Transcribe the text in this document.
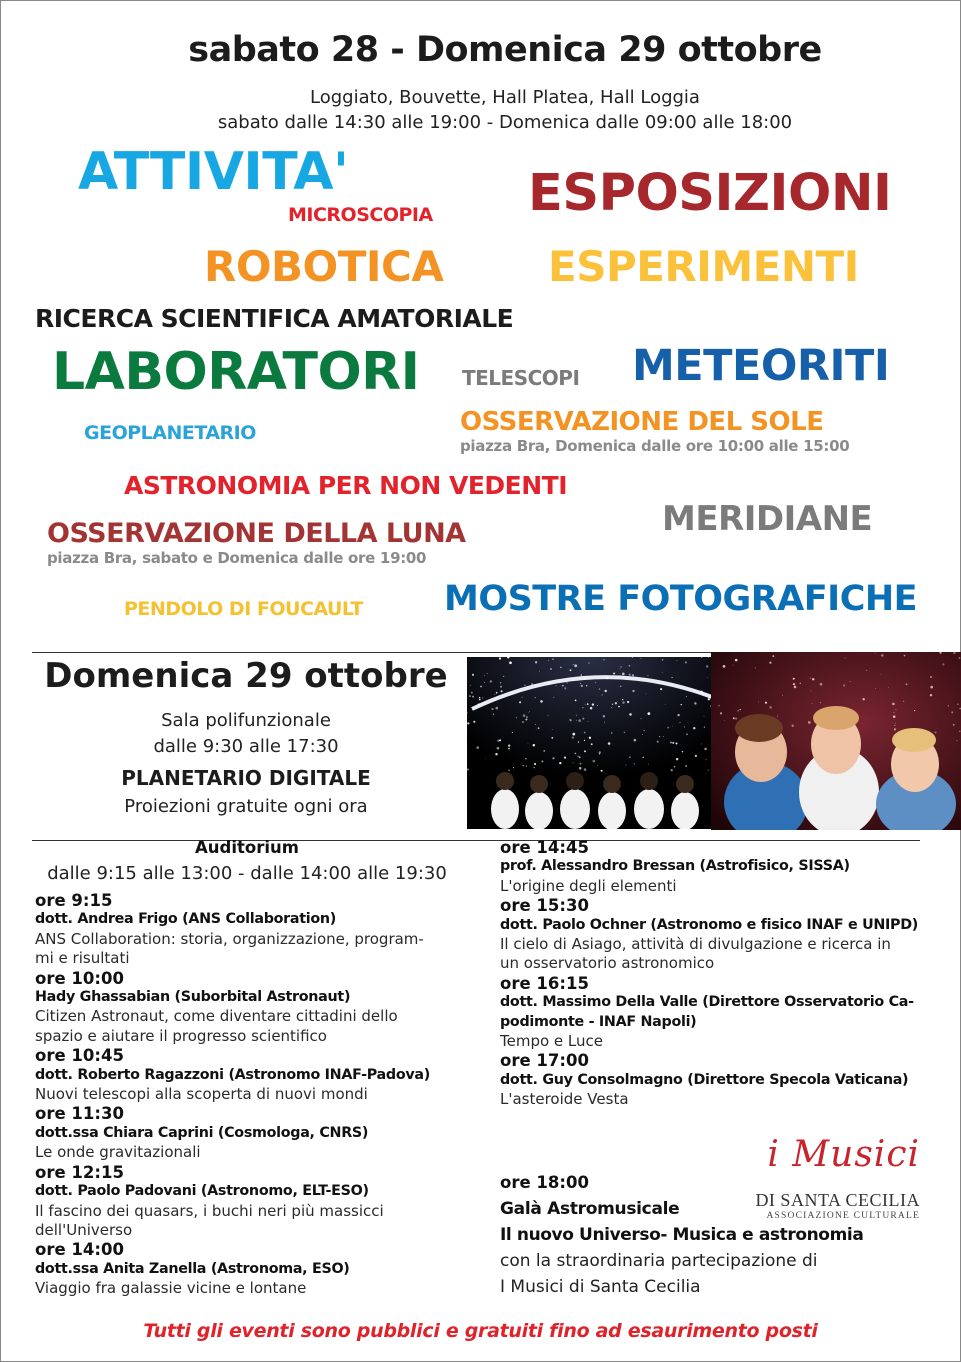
sabato 28 - Domenica 29 ottobre
Loggiato, Bouvette, Hall Platea, Hall Loggia
sabato dalle 14:30 alle 19:00 - Domenica dalle 09:00 alle 18:00
ATTIVITA'
MICROSCOPIA ESPOSIZIONI
ROBOTICA ESPERIMENTI
RICERCA SCIENTIFICA AMATORIALE
LABORATORI TELESCOPI METEORITI
GEOPLANETARIO	OSSERVAZIONE DEL SOLE
piazza Bra, Domenica dalle ore 10:00 alle 15:00
ASTRONOMIA PER NON VEDENTI
MERIDIANE
OSSERVAZIONE DELLA LUNA
piazza Bra, sabato e Domenica dalle ore 19:00
PENDOLO DI FOUCAULT MOSTRE FOTOGRAFICHE
Domenica 29 ottobre
Sala polifunzionale
dalle 9:30 alle 17:30
PLANETARIO DIGITALE
Proiezioni gratuite ogni ora
Auditorium
dalle 9:15 alle 13:00 - dalle 14:00 alle 19:30
ore 9:15
dott. Andrea Frigo (ANS Collaboration)
ANS Collaboration: storia, organizzazione, program-
mi e risultati
ore 10:00
Hady Ghassabian (Suborbital Astronaut)
Citizen Astronaut, come diventare cittadini dello
spazio e aiutare il progresso scientifico
ore 10:45
dott. Roberto Ragazzoni (Astronomo INAF-Padova)
Nuovi telescopi alla scoperta di nuovi mondi
ore 11:30
dott.ssa Chiara Caprini (Cosmologa, CNRS)
Le onde gravitazionali
ore 12:15
dott. Paolo Padovani (Astronomo, ELT-ESO)
Il fascino dei quasars, i buchi neri più massicci
dell'Universo
ore 14:00
dott.ssa Anita Zanella (Astronoma, ESO)
Viaggio fra galassie vicine e lontane
ore 14:45
prof. Alessandro Bressan (Astrofisico, SISSA)
L'origine degli elementi
ore 15:30
dott. Paolo Ochner (Astronomo e fisico INAF e UNIPD)
Il cielo di Asiago, attività di divulgazione e ricerca in
un osservatorio astronomico
ore 16:15
dott. Massimo Della Valle (Direttore Osservatorio Ca-
podimonte - INAF Napoli)
Tempo e Luce
ore 17:00
dott. Guy Consolmagno (Direttore Specola Vaticana)
L'asteroide Vesta
ore 18:00
Galà Astromusicale
Il nuovo Universo- Musica e astronomia
con la straordinaria partecipazione di
I Musici di Santa Cecilia
i Musici
DI SANTA CECILIA
ASSOCIAZIONE CULTURALE
Tutti gli eventi sono pubblici e gratuiti fino ad esaurimento posti
